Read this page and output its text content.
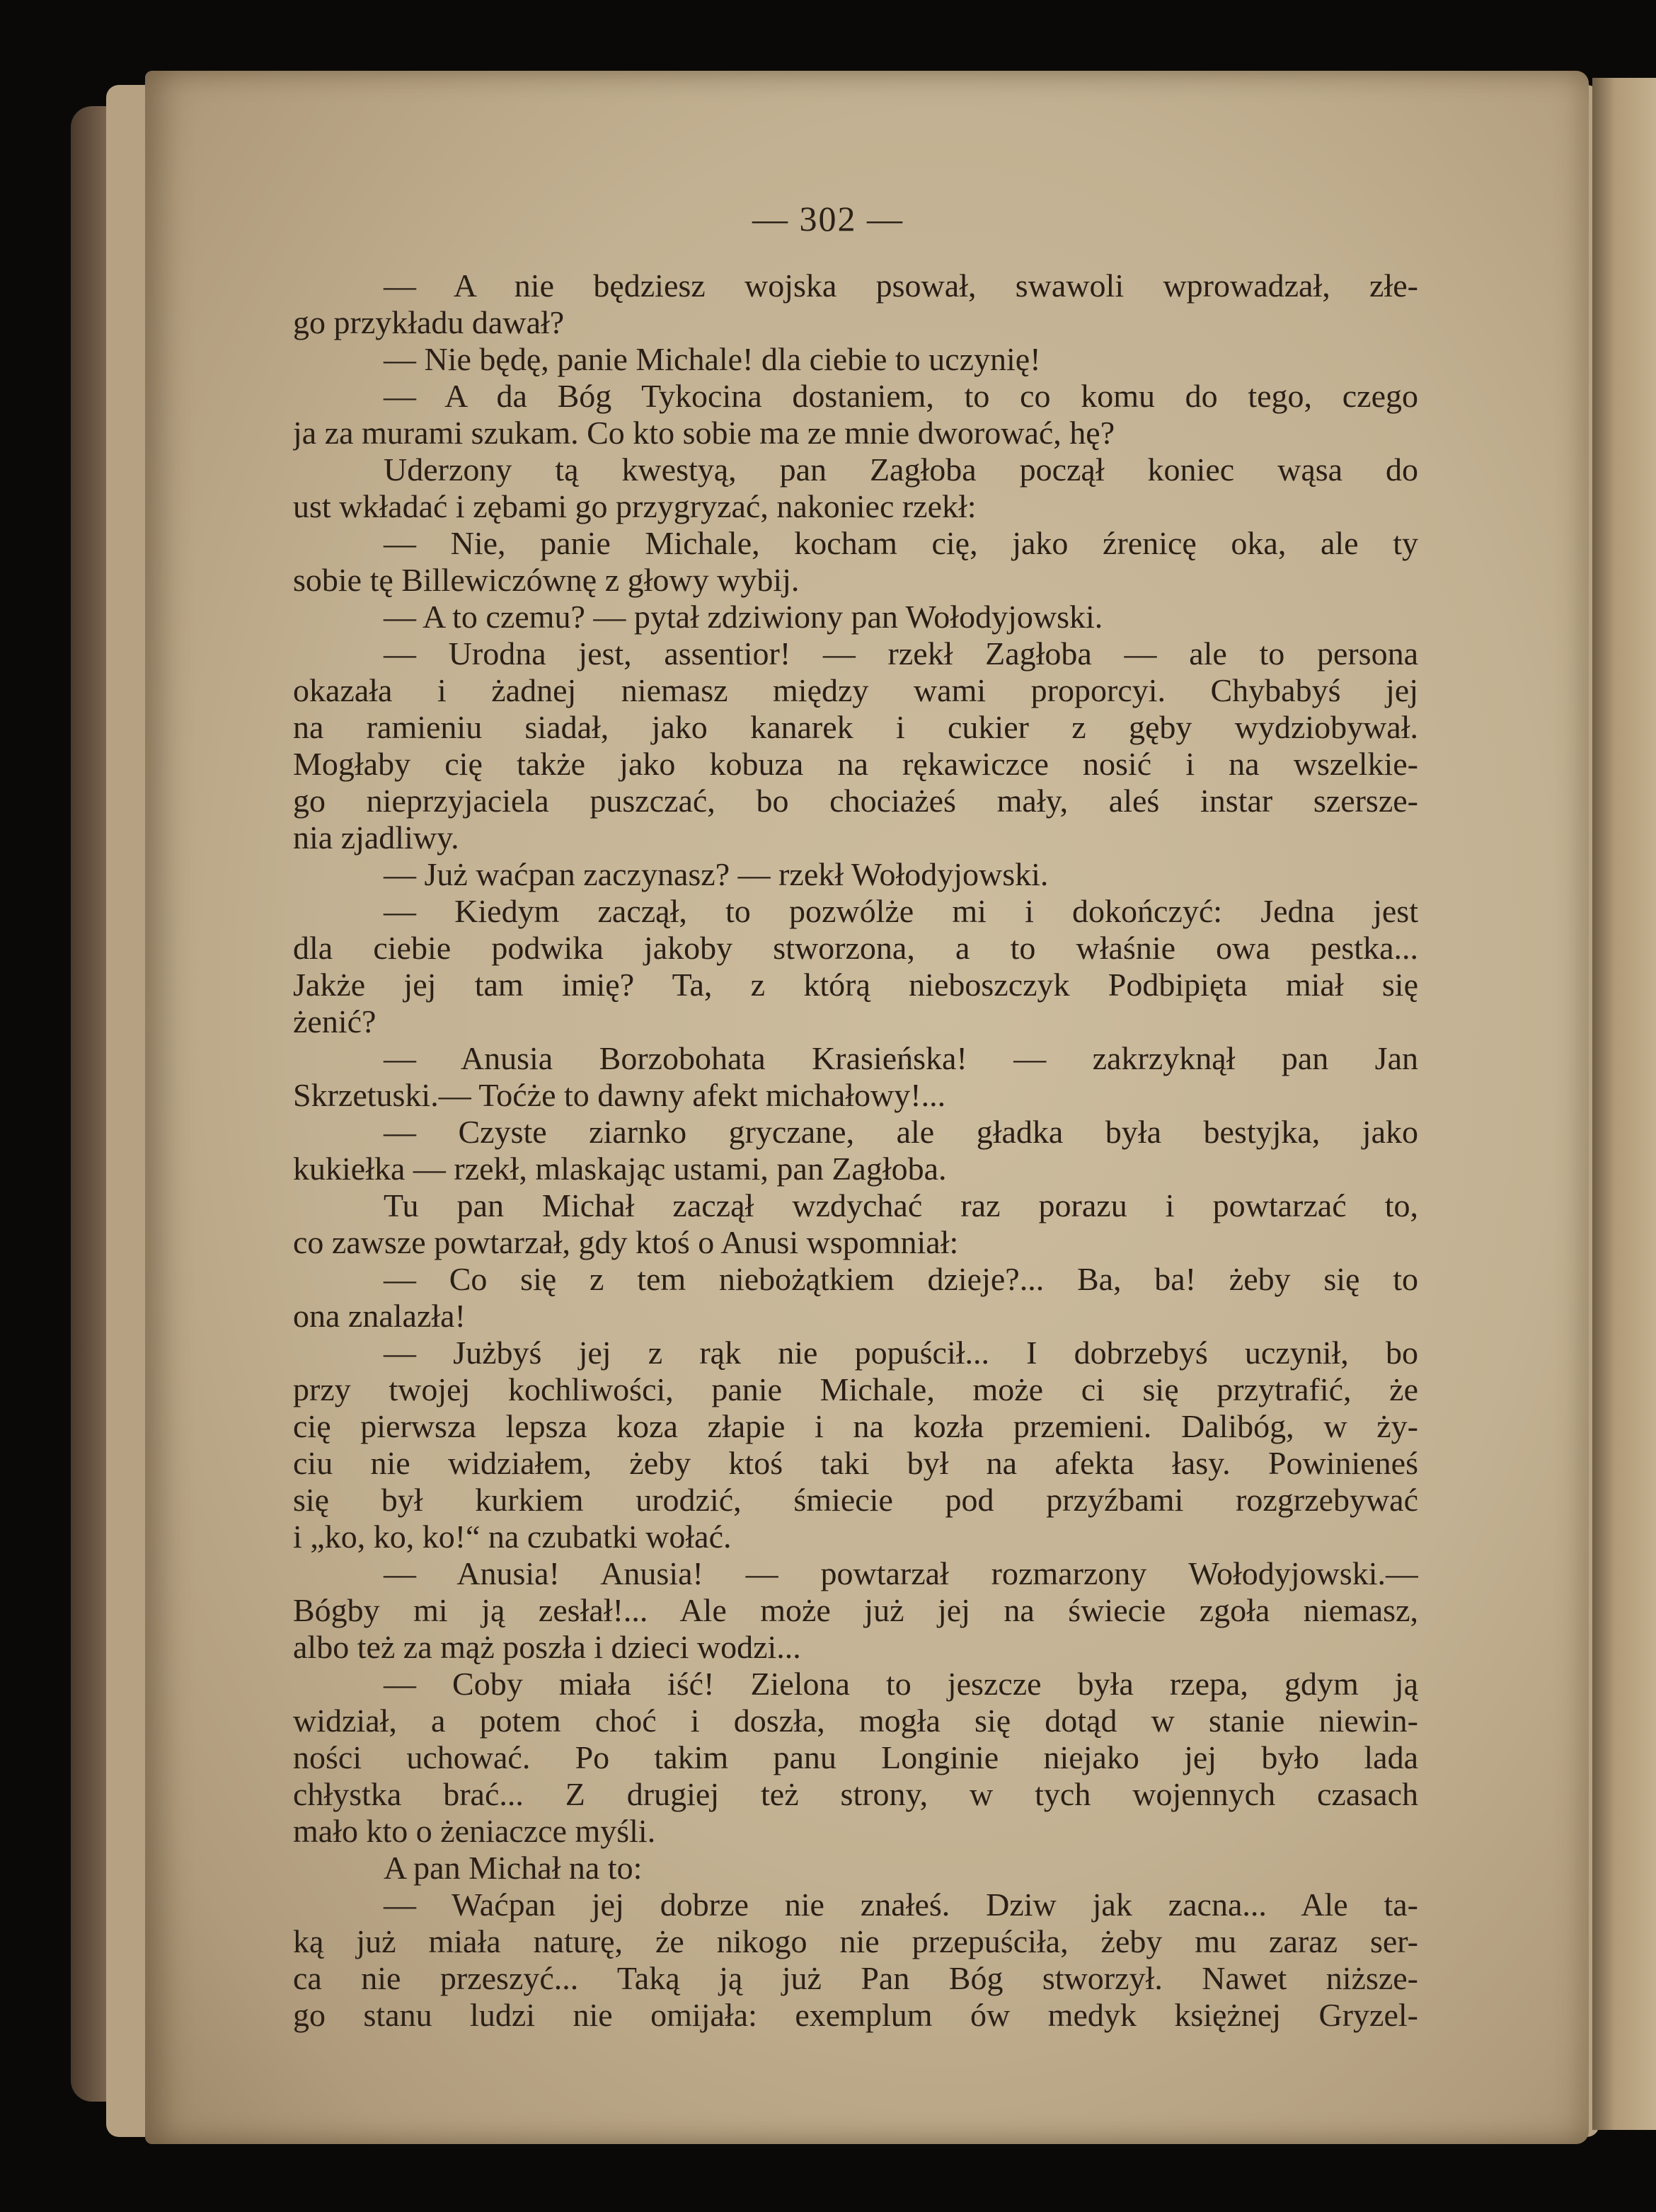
— 302 —
— A nie będziesz wojska psował, swawoli wprowadzał, złe-
go przykładu dawał?
— Nie będę, panie Michale! dla ciebie to uczynię!
— A da Bóg Tykocina dostaniem, to co komu do tego, czego
ja za murami szukam. Co kto sobie ma ze mnie dworować, hę?
Uderzony tą kwestyą, pan Zagłoba począł koniec wąsa do
ust wkładać i zębami go przygryzać, nakoniec rzekł:
— Nie, panie Michale, kocham cię, jako źrenicę oka, ale ty
sobie tę Billewiczównę z głowy wybij.
— A to czemu? — pytał zdziwiony pan Wołodyjowski.
— Urodna jest, assentior! — rzekł Zagłoba — ale to persona
okazała i żadnej niemasz między wami proporcyi. Chybabyś jej
na ramieniu siadał, jako kanarek i cukier z gęby wydziobywał.
Mogłaby cię także jako kobuza na rękawiczce nosić i na wszelkie-
go nieprzyjaciela puszczać, bo chociażeś mały, aleś instar szersze-
nia zjadliwy.
— Już waćpan zaczynasz? — rzekł Wołodyjowski.
— Kiedym zaczął, to pozwólże mi i dokończyć: Jedna jest
dla ciebie podwika jakoby stworzona, a to właśnie owa pestka...
Jakże jej tam imię? Ta, z którą nieboszczyk Podbipięta miał się
żenić?
— Anusia Borzobohata Krasieńska! — zakrzyknął pan Jan
Skrzetuski.— Toćże to dawny afekt michałowy!...
— Czyste ziarnko gryczane, ale gładka była bestyjka, jako
kukiełka — rzekł, mlaskając ustami, pan Zagłoba.
Tu pan Michał zaczął wzdychać raz porazu i powtarzać to,
co zawsze powtarzał, gdy ktoś o Anusi wspomniał:
— Co się z tem niebożątkiem dzieje?... Ba, ba! żeby się to
ona znalazła!
— Jużbyś jej z rąk nie popuścił... I dobrzebyś uczynił, bo
przy twojej kochliwości, panie Michale, może ci się przytrafić, że
cię pierwsza lepsza koza złapie i na kozła przemieni. Dalibóg, w ży-
ciu nie widziałem, żeby ktoś taki był na afekta łasy. Powinieneś
się był kurkiem urodzić, śmiecie pod przyźbami rozgrzebywać
i „ko, ko, ko!“ na czubatki wołać.
— Anusia! Anusia! — powtarzał rozmarzony Wołodyjowski.—
Bógby mi ją zesłał!... Ale może już jej na świecie zgoła niemasz,
albo też za mąż poszła i dzieci wodzi...
— Coby miała iść! Zielona to jeszcze była rzepa, gdym ją
widział, a potem choć i doszła, mogła się dotąd w stanie niewin-
ności uchować. Po takim panu Longinie niejako jej było lada
chłystka brać... Z drugiej też strony, w tych wojennych czasach
mało kto o żeniaczce myśli.
A pan Michał na to:
— Waćpan jej dobrze nie znałeś. Dziw jak zacna... Ale ta-
ką już miała naturę, że nikogo nie przepuściła, żeby mu zaraz ser-
ca nie przeszyć... Taką ją już Pan Bóg stworzył. Nawet niższe-
go stanu ludzi nie omijała: exemplum ów medyk księżnej Gryzel-
